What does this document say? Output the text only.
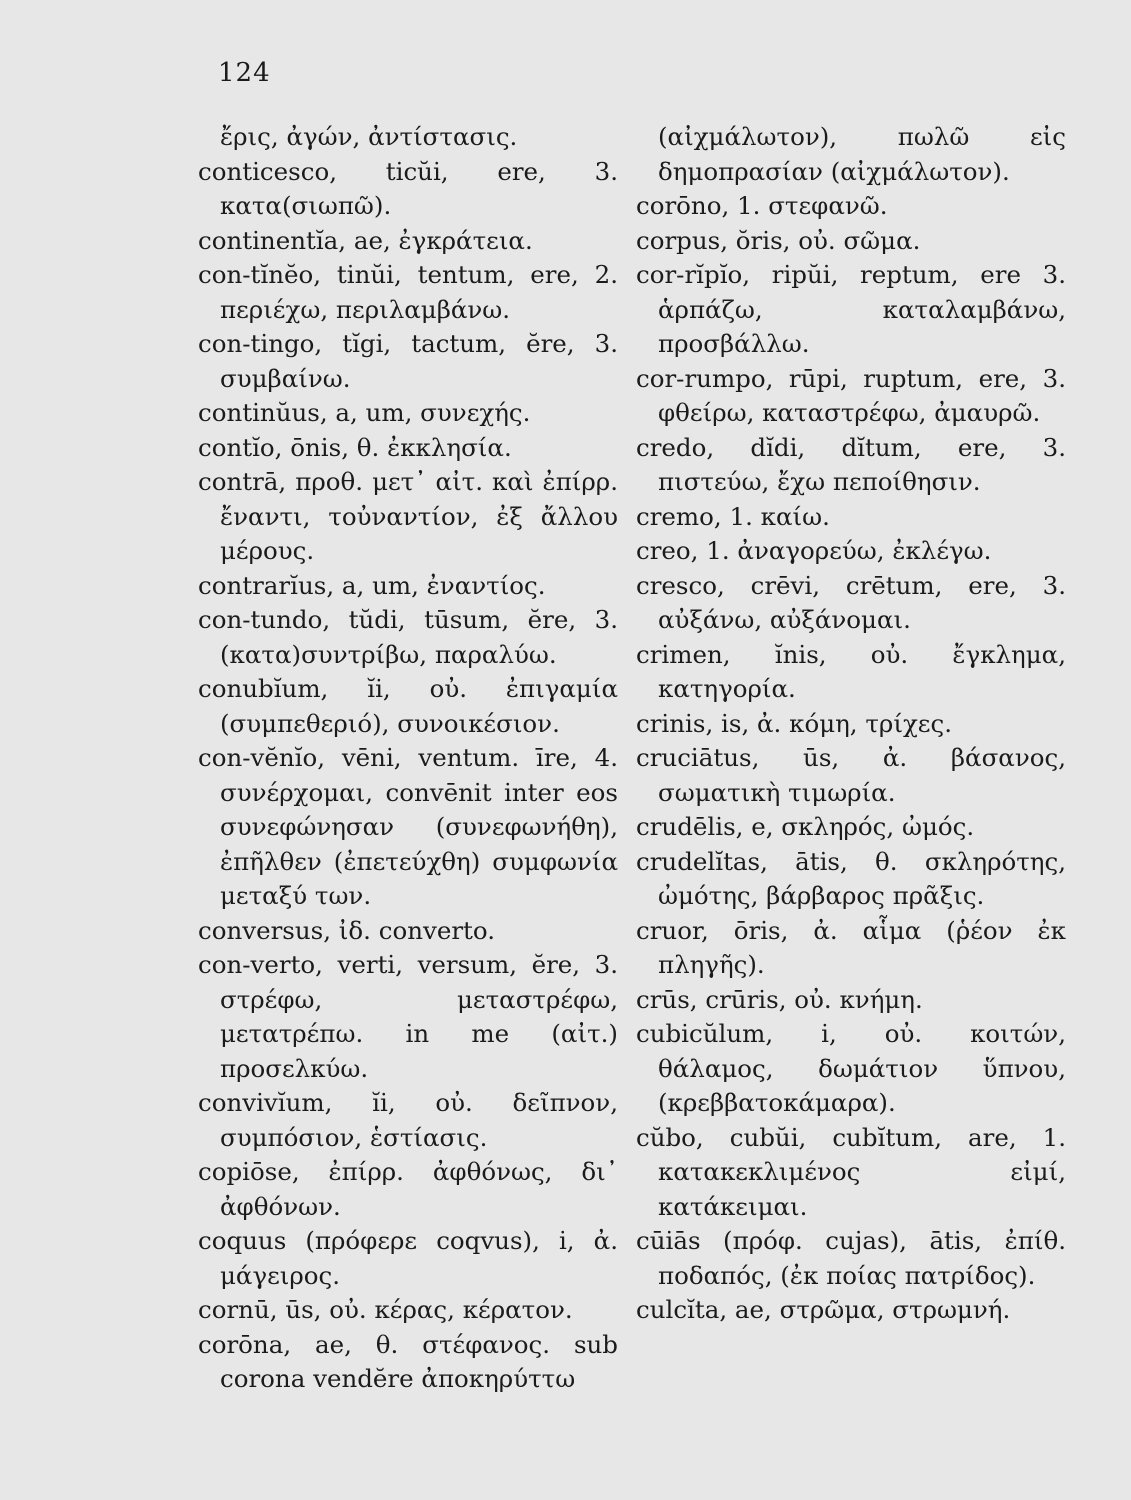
124

ἔρις, ἀγών, ἀντίστασις.

conticesco, ticŭi, ere, 3. κατα(σιωπῶ).

continentĭa, ae, ἐγκράτεια.

con-tĭnĕo, tinŭi, tentum, ere, 2. περιέχω, περιλαμβάνω.

con-tingo, tĭgi, tactum, ĕre, 3. συμβαίνω.

continŭus, a, um, συνεχής.

contĭo, ōnis, θ. ἐκκλησία.

contrā, προθ. μετ᾽ αἰτ. καὶ ἐπίρρ. ἔναντι, τοὐναντίον, ἐξ ἄλλου μέρους.

contrarĭus, a, um, ἐναντίος.

con-tundo, tŭdi, tūsum, ĕre, 3. (κατα)συντρίβω, παραλύω.

conubĭum, ĭi, οὐ. ἐπιγαμία (συμπεθεριό), συνοικέσιον.

con-vĕnĭo, vēni, ventum. īre, 4. συνέρχομαι, convēnit inter eos συνεφώνησαν (συνεφωνήθη), ἐπῆλθεν (ἐπετεύχθη) συμφωνία μεταξύ των.

conversus, ἰδ. converto.

con-verto, verti, versum, ĕre, 3. στρέφω, μεταστρέφω, μετατρέπω. in me (αἰτ.) προσελκύω.

convivĭum, ĭi, οὐ. δεῖπνον, συμπόσιον, ἑστίασις.

copiōse, ἐπίρρ. ἀφθόνως, δι᾽ ἀφθόνων.

coquus (πρόφερε coqvus), i, ἀ. μάγειρος.

cornū, ūs, οὐ. κέρας, κέρατον.

corōna, ae, θ. στέφανος. sub corona vendĕre ἀποκηρύττω

(αἰχμάλωτον), πωλῶ εἰς δημοπρασίαν (αἰχμάλωτον).

corōno, 1. στεφανῶ.

corpus, ŏris, οὐ. σῶμα.

cor-rĭpĭo, ripŭi, reptum, ere 3. ἁρπάζω, καταλαμβάνω, προσβάλλω.

cor-rumpo, rūpi, ruptum, ere, 3. φθείρω, καταστρέφω, ἀμαυρῶ.

credo, dĭdi, dĭtum, ere, 3. πιστεύω, ἔχω πεποίθησιν.

cremo, 1. καίω.

creo, 1. ἀναγορεύω, ἐκλέγω.

cresco, crēvi, crētum, ere, 3. αὐξάνω, αὐξάνομαι.

crimen, ĭnis, οὐ. ἔγκλημα, κατηγορία.

crinis, is, ἀ. κόμη, τρίχες.

cruciātus, ūs, ἀ. βάσανος, σωματικὴ τιμωρία.

crudēlis, e, σκληρός, ὠμός.

crudelĭtas, ātis, θ. σκληρότης, ὠμότης, βάρβαρος πρᾶξις.

cruor, ōris, ἀ. αἷμα (ῥέον ἐκ πληγῆς).

crūs, crūris, οὐ. κνήμη.

cubicŭlum, i, οὐ. κοιτών, θάλαμος, δωμάτιον ὕπνου, (κρεββατοκάμαρα).

cŭbo, cubŭi, cubĭtum, are, 1. κατακεκλιμένος εἰμί, κατάκειμαι.

cūiās (πρόφ. cujas), ātis, ἐπίθ. ποδαπός, (ἐκ ποίας πατρίδος).

culcĭta, ae, στρῶμα, στρωμνή.
